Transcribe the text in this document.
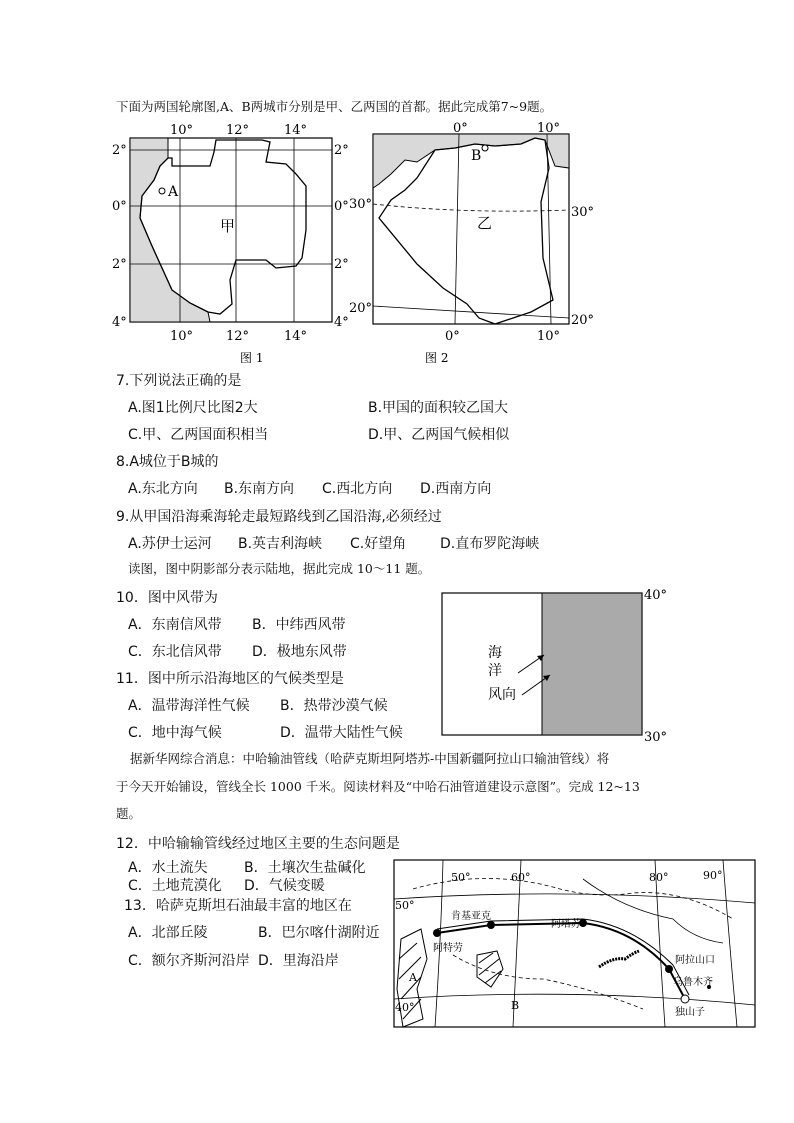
下面为两国轮廓图,A、B两城市分别是甲、乙两国的首都。据此完成第7~9题。
A
甲
10°	12°	14°
10°	12°	14°
2°
0°
2°
4°
2°
0°
2°
4°
图 1
B
乙
0°	10°
0°	10°
30°
20°
30°
20°
图 2
7.下列说法正确的是
A.图1比例尺比图2大	B.甲国的面积较乙国大
C.甲、乙两国面积相当	D.甲、乙两国气候相似
8.A城位于B城的
A.东北方向 B.东南方向 C.西北方向 D.西南方向
9.从甲国沿海乘海轮走最短路线到乙国沿海,必须经过
A.苏伊士运河 B.英吉利海峡 C.好望角 D.直布罗陀海峡
读图，图中阴影部分表示陆地，据此完成 10～11 题。
10．图中风带为
A．东南信风带 B．中纬西风带
C．东北信风带 D．极地东风带
11．图中所示沿海地区的气候类型是
A．温带海洋性气候 B．热带沙漠气候
C．地中海气候	D．温带大陆性气候
40°
30°
海
洋
风向
据新华网综合消息：中哈输油管线（哈萨克斯坦阿塔苏-中国新疆阿拉山口输油管线）将
于今天开始铺设，管线全长 1000 千米。阅读材料及“中哈石油管道建设示意图”。完成 12~13
题。
12．中哈输输管线经过地区主要的生态问题是
A．水土流失	B．土壤次生盐碱化
C．土地荒漠化 D．气候变暖
13．哈萨克斯坦石油最丰富的地区在
A．北部丘陵	B．巴尔喀什湖附近
C．额尔齐斯河沿岸 D．里海沿岸
50°	60°	80°	90°
50°
40°
阿特劳
肯基亚克
阿塔苏
阿拉山口
乌鲁木齐
独山子
A
B
